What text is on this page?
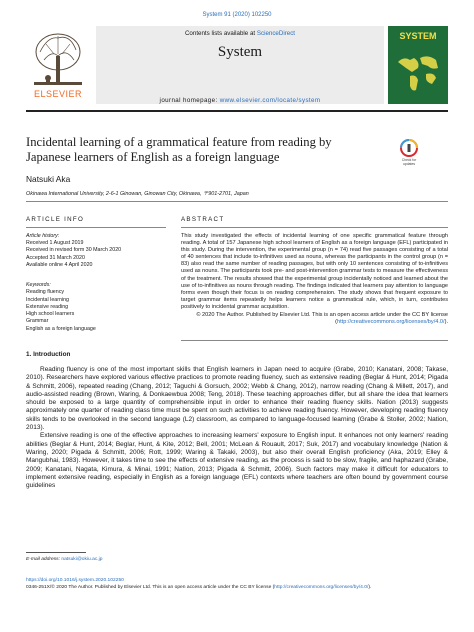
System 91 (2020) 102250
ELSEVIER
Contents lists available at ScienceDirect
System
journal homepage: www.elsevier.com/locate/system
SYSTEM
Incidental learning of a grammatical feature from reading by Japanese learners of English as a foreign language	Check for
updates
Natsuki Aka
Okinawa International University, 2-6-1 Ginowan, Ginowan City, Okinawa, 〒901-2701, Japan
ARTICLE INFO
Article history:
Received 1 August 2019
Received in revised form 30 March 2020
Accepted 31 March 2020
Available online 4 April 2020
Keywords:
Reading fluency
Incidental learning
Extensive reading
High school learners
Grammar
English as a foreign language
ABSTRACT
This study investigated the effects of incidental learning of one specific grammatical feature through reading. A total of 157 Japanese high school learners of English as a foreign language (EFL) participated in this study. During the intervention, the experimental group (n = 74) read five passages consisting of a total of 40 sentences that include to-infinitives used as nouns, whereas the participants in the control group (n = 83) also read the same number of reading passages, but with only 10 sentences consisting of to-infinitives used as nouns. The participants took pre- and post-intervention grammar tests to measure the effectiveness of the treatment. The results showed that the experimental group incidentally noticed and learned about the use of to-infinitives as nouns through reading. The findings indicated that learners pay attention to language forms even though their focus is on reading comprehension. The study shows that frequent exposure to target grammar items repeatedly helps learners notice a grammatical rule, which, in turn, contributes positively to incidental grammar acquisition.
© 2020 The Author. Published by Elsevier Ltd. This is an open access article under the CC BY license (http://creativecommons.org/licenses/by/4.0/).
1. Introduction

Reading fluency is one of the most important skills that English learners in Japan need to acquire (Grabe, 2010; Kanatani, 2008; Takase, 2010). Researchers have explored various effective practices to promote reading fluency, such as extensive reading (Beglar & Hunt, 2014; Pigada & Schmitt, 2006), repeated reading (Chang, 2012; Taguchi & Gorsuch, 2002; Webb & Chang, 2012), narrow reading (Chang & Millett, 2017), and audio-assisted reading (Brown, Waring, & Donkaewbua 2008; Teng, 2018). These teaching approaches differ, but all share the idea that learners should be exposed to a large quantity of comprehensible input in order to enhance their reading fluency skills. Nation (2013) suggests approximately one quarter of reading class time must be spent on such activities to achieve reading fluency. However, developing reading fluency skills tends to be overlooked in the second language (L2) classroom, as compared to language-focused learning (Grabe & Stoller, 2002; Nation, 2013).

Extensive reading is one of the effective approaches to increasing learners' exposure to English input. It enhances not only learners' reading abilities (Beglar & Hunt, 2014; Beglar, Hunt, & Kite, 2012; Bell, 2001; McLean & Rouault, 2017; Suk, 2017) and vocabulary knowledge (Nation & Waring, 2020; Pigada & Schmitt, 2006; Rott, 1999; Waring & Takaki, 2003), but also their overall English proficiency (Aka, 2019; Elley & Mangubhai, 1983). However, it takes time to see the effects of extensive reading, as the process is said to be slow, fragile, and haphazard (Grabe, 2009; Kanatani, Nagata, Kimura, & Minai, 1991; Nation, 2013; Pigada & Schmitt, 2006). Such factors may make it difficult for educators to implement extensive reading, especially in English as a foreign language (EFL) contexts where teachers are often bound by government course guidelines

E-mail address: natsuki@okiu.ac.jp
https://doi.org/10.1016/j.system.2020.102250
0346-251X/© 2020 The Author. Published by Elsevier Ltd. This is an open access article under the CC BY license (http://creativecommons.org/licenses/by/4.0/).
